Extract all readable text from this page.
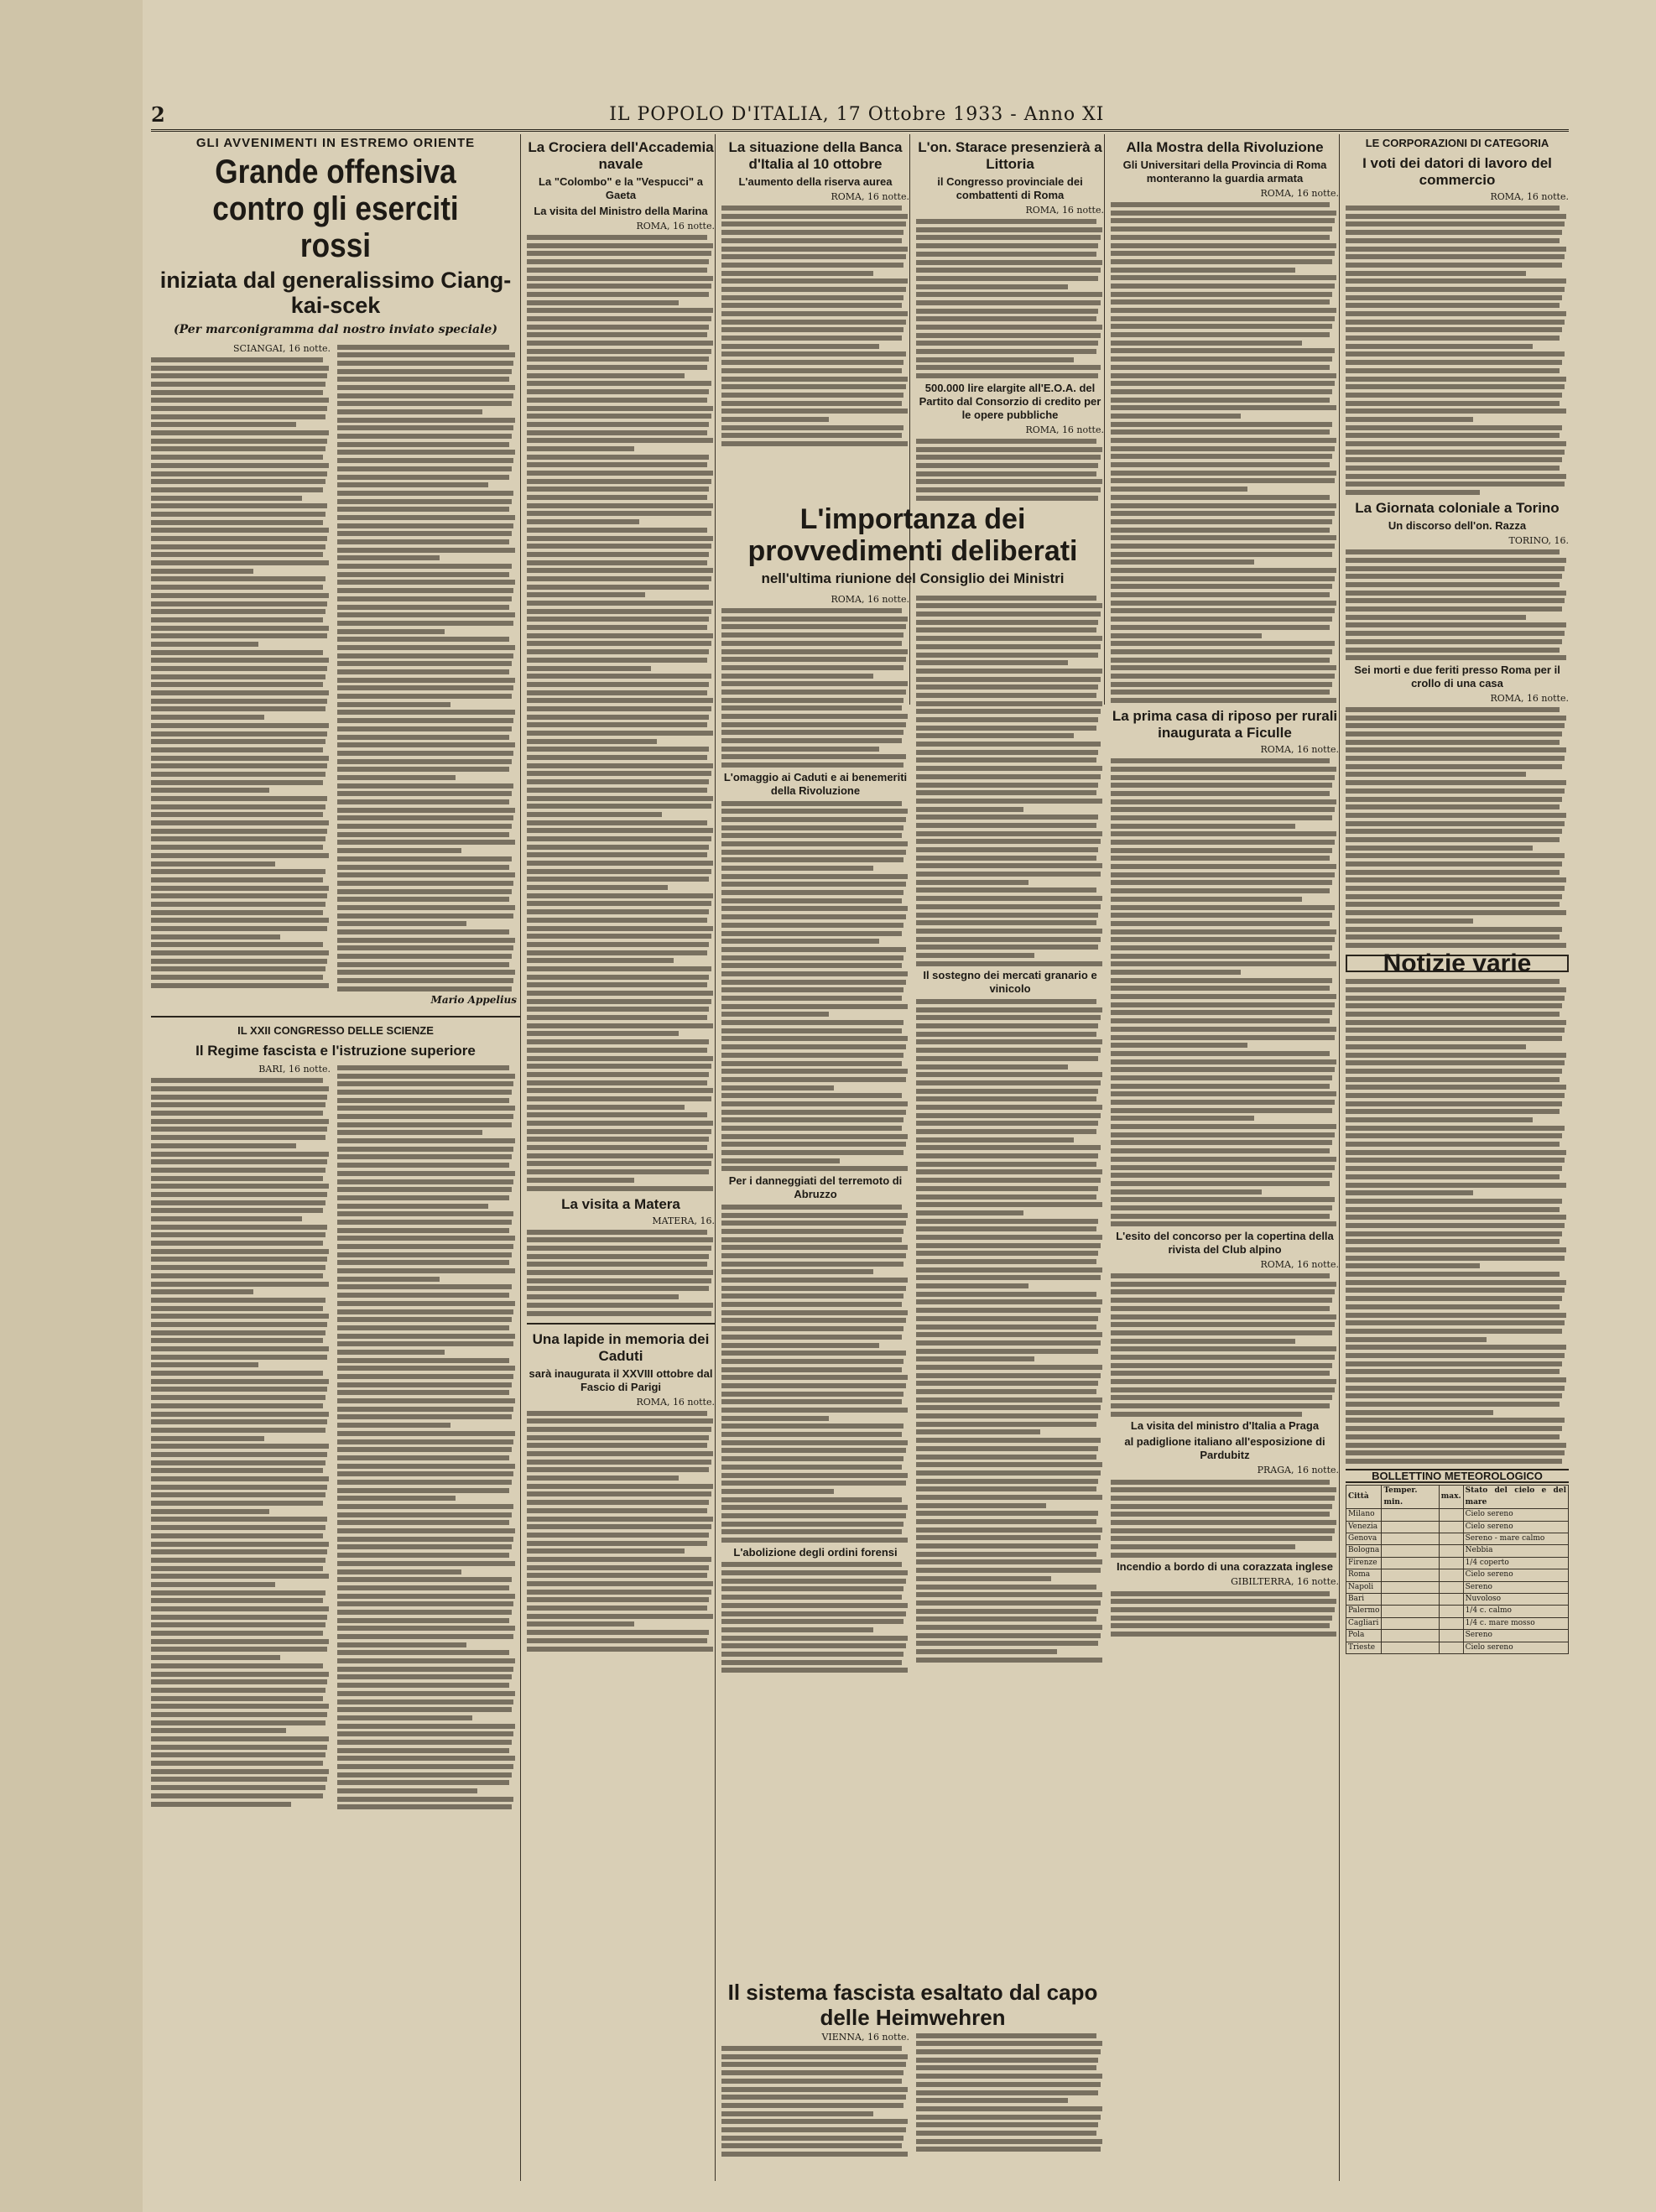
2	IL POPOLO D'ITALIA, 17 Ottobre 1933 - Anno XI
GLI AVVENIMENTI IN ESTREMO ORIENTE
Grande offensiva contro gli eserciti rossi
iniziata dal generalissimo Ciang-kai-scek
(Per marconigramma dal nostro inviato speciale)
SCIANGAI, 16 notte.
Mario Appelius
IL XXII CONGRESSO DELLE SCIENZE
Il Regime fascista e l'istruzione superiore
BARI, 16 notte.
La Crociera dell'Accademia navale
La "Colombo" e la "Vespucci" a Gaeta
La visita del Ministro della Marina
ROMA, 16 notte.
La visita a Matera
MATERA, 16.
Una lapide in memoria dei Caduti
sarà inaugurata il XXVIII ottobre dal Fascio di Parigi
ROMA, 16 notte.
La situazione della Banca d'Italia al 10 ottobre
L'aumento della riserva aurea
ROMA, 16 notte.
L'on. Starace presenzierà a Littoria
il Congresso provinciale dei combattenti di Roma
ROMA, 16 notte.
500.000 lire elargite all'E.O.A. del Partito dal Consorzio di credito per le opere pubbliche
ROMA, 16 notte.
L'importanza dei provvedimenti deliberati
nell'ultima riunione del Consiglio dei Ministri
ROMA, 16 notte.
L'omaggio ai Caduti e ai benemeriti della Rivoluzione
Per i danneggiati del terremoto di Abruzzo
L'abolizione degli ordini forensi
Il sostegno dei mercati granario e vinicolo
Il sistema fascista esaltato dal capo delle Heimwehren
VIENNA, 16 notte.
Alla Mostra della Rivoluzione
Gli Universitari della Provincia di Roma monteranno la guardia armata
ROMA, 16 notte.
La prima casa di riposo per rurali inaugurata a Ficulle
ROMA, 16 notte.
L'esito del concorso per la copertina della rivista del Club alpino
ROMA, 16 notte.
La visita del ministro d'Italia a Praga
al padiglione italiano all'esposizione di Pardubitz
PRAGA, 16 notte.
Incendio a bordo di una corazzata inglese
GIBILTERRA, 16 notte.
LE CORPORAZIONI DI CATEGORIA
I voti dei datori di lavoro del commercio
ROMA, 16 notte.
La Giornata coloniale a Torino
Un discorso dell'on. Razza
TORINO, 16.
Sei morti e due feriti presso Roma per il crollo di una casa
ROMA, 16 notte.
Notizie varie
BOLLETTINO METEOROLOGICO
Città	Temper. min.	max.	Stato del cielo e del mare
Milano			Cielo sereno
Venezia			Cielo sereno
Genova			Sereno - mare calmo
Bologna			Nebbia
Firenze			1/4 coperto
Roma			Cielo sereno
Napoli			Sereno
Bari			Nuvoloso
Palermo			1/4 c. calmo
Cagliari			1/4 c. mare mosso
Pola			Sereno
Trieste			Cielo sereno
